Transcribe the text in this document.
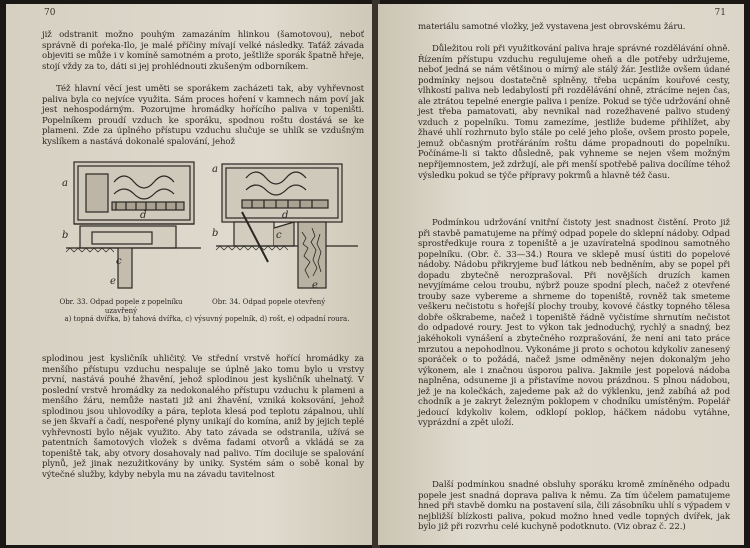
70

již odstranit možno pouhým zamazáním hlinkou (šamotovou), neboť správně di poŕeka-Ilo, je malé příčiny mívají velké následky. Taťáž závada objeviti se může i v komíně samotném a proto, ještliže sporák špatně hřeje, stojí vždy za to, dáti si jej prohlédnouti zkušeným odborníkem.

Též hlavní věcí jest uměti se sporákem zacházeti tak, aby vyhřevnost paliva byla co nejvíce využita. Sám proces hoření v kamnech nám poví jak jest nehospodárným. Pozorujme hromádky hořícího paliva v topeništi. Popelníkem proudí vzduch ke sporáku, spodnou roštu dostává se ke plameni. Zde za úplného přístupu vzduchu slučuje se uhlík se vzdušným kyslíkem a nastává dokonalé spalování, jehož

a
b
c
d
e
a
b	c
d
e
Obr. 33. Odpad popele z popelníku uzavřený
Obr. 34. Odpad popele otevřený
a) topná dvířka, b) tahová dvířka, c) výsuvný popelník, d) rošt, e) odpadní roura.

splodinou jest kysličník uhličitý. Ve střední vrstvě hořící hromádky za menšího přístupu vzduchu nespaluje se úplně jako tomu bylo u vrstvy první, nastává pouhé žhavění, jehož splodinou jest kysličník uhelnatý. V poslední vrstvě hromádky za nedokonalého přístupu vzduchu k plameni a menšího žáru, nemůže nastati již ani žhavění, vzniká koksování, jehož splodinou jsou uhlovodíky a pára, teplota klesá pod teplotu zápalnou, uhlí se jen škvaří a čadí, nespořené plyny unikají do komína, aniž by jejich teplé vyhřevnosti bylo nějak využito. Aby tato závada se odstranila, užívá se patentních šamotových vložek s dvěma fadami otvorů a vkládá se za topeniště tak, aby otvory dosahovaly nad palivo. Tím dociluje se spalování plynů, jež jinak nezužitkovány by uniky. Systém sám o sobě konal by výtečné služby, kdyby nebyla mu na závadu tavitelnost

71

materiálu samotné vložky, jež vystavena jest obrovskému žáru.

Důležitou roli při využitkování paliva hraje správné rozdělávání ohně. Řízením přístupu vzduchu regulujeme oheň a dle potřeby udržujeme, neboť jedná se nám většinou o mírný ale stálý žár. Jestliže ovšem údané podmínky nejsou dostatečně splněny, třeba ucpáním kouřové cesty, vlhkostí paliva neb ledabylostí při rozdělávání ohně, ztrácíme nejen čas, ale ztrátou tepelné energie paliva i peníze. Pokud se týče udržování ohně jest třeba pamatovati, aby nevnikal nad rozežhavené palivo studený vzduch z popelníku. Tomu zamezíme, jestliže budeme přihlížet, aby žhavé uhlí rozhrnuto bylo stále po celé jeho ploše, ovšem prosto popele, jemuž občasným protřáráním roštu dáme propadnouti do popelníku. Počínáme-li si takto důsledně, pak vyhneme se nejen všem možným nepříjemnostem, jež zdržují, ale při menší spotřebě paliva docílíme téhož výsledku pokud se týče přípravy pokrmů a hlavně též času.

Podmínkou udržování vnitřní čistoty jest snadnost čistění. Proto již při stavbě pamatujeme na přímý odpad popele do sklepní nádoby. Odpad sprostředkuje roura z topeniště a je uzavíratelná spodinou samotného popelníku. (Obr. č. 33—34.) Roura ve sklepě musí ústiti do popelové nádoby. Nádobu přikryjeme buď látkou neb bedněním, aby se popel při dopadu zbytečně nerozprašoval. Při novějších druzích kamen nevyjímáme celou troubu, nýbrž pouze spodní plech, načež z otevřené trouby saze vybereme a shrneme do topeniště, rovněž tak smeteme veškeru nečistotu s hořejší plochy trouby, kovové částky topného tělesa dobře oškrabeme, načež i topeniště řádně vyčistíme shrnutím nečistot do odpadové roury. Jest to výkon tak jednoduchý, rychlý a snadný, bez jakéhokoli vynášení a zbytečného rozprašování, že není ani tato práce mrzutou a nepohodlnou. Vykonáme ji proto s ochotou kdykoliv zanesený sporáček o to požádá, načež jsme odměněny nejen dokonalým jeho výkonem, ale i značnou úsporou paliva. Jakmile jest popelová nádoba naplněna, odsuneme ji a přistavíme novou prázdnou. S plnou nádobou, jež je na kolečkách, zajedeme pak až do výklenku, jenž zabíhá až pod chodník a je zakryt železným poklopem v chodníku umístěným. Popelář jedoucí kdykoliv kolem, odklopí poklop, háčkem nádobu vytáhne, vyprázdní a zpět uloží.

Další podmínkou snadné obsluhy sporáku kromě zmíněného odpadu popele jest snadná doprava paliva k němu. Za tím účelem pamatujeme hned při stavbě domku na postavení sila, čili zásobníku uhlí s výpadem v nejbližší blízkosti paliva, pokud možno hned vedle topných dvířek, jak bylo již při rozvrhu celé kuchyně podotknuto. (Viz obraz č. 22.)
